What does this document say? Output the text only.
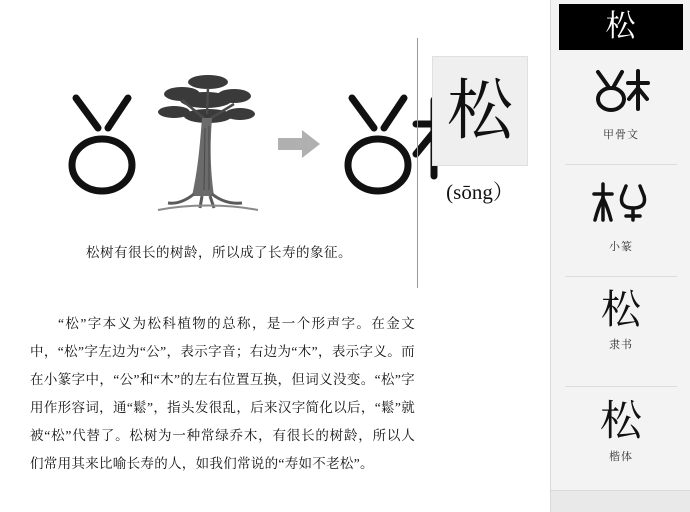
松
(sōng）
松树有很长的树龄，所以成了长寿的象征。
“松”字本义为松科植物的总称，是一个形声字。在金文中，“松”字左边为“公”，表示字音；右边为“木”，表示字义。而在小篆字中，“公”和“木”的左右位置互换，但词义没变。“松”字用作形容词，通“鬆”，指头发很乱，后来汉字简化以后，“鬆”就被“松”代替了。松树为一种常绿乔木，有很长的树龄，所以人们常用其来比喻长寿的人，如我们常说的“寿如不老松”。
松
甲骨文
小篆
松
隶书
松
楷体
